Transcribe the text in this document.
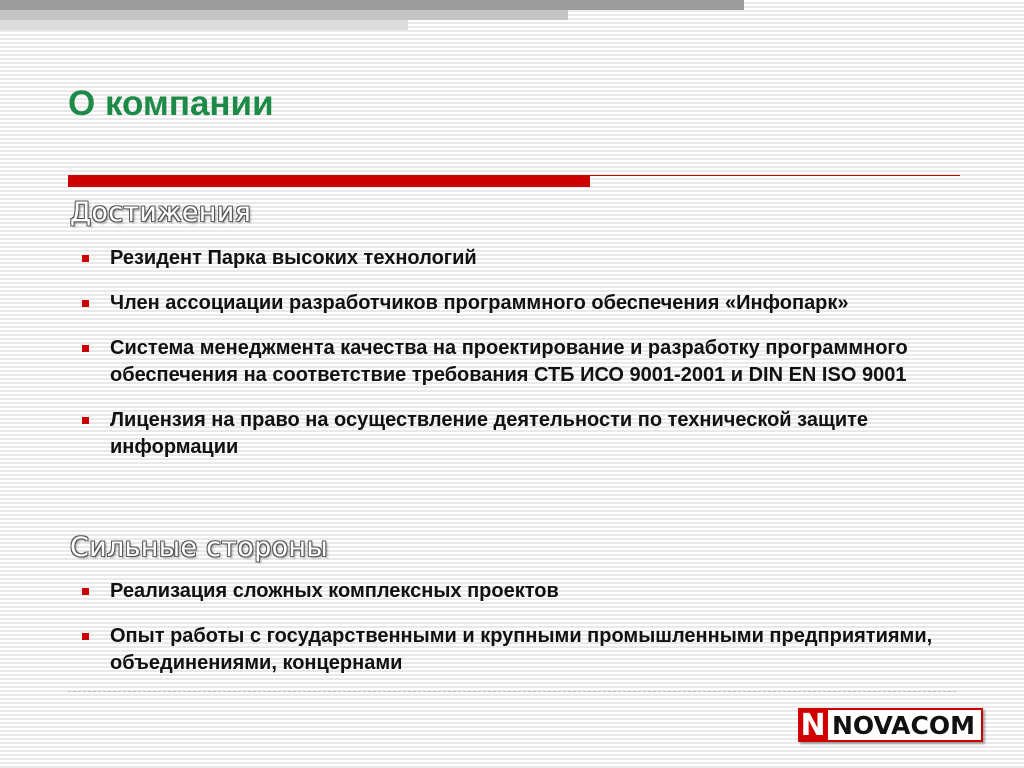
О компании
Достижения
Резидент Парка высоких технологий
Член ассоциации разработчиков программного обеспечения «Инфопарк»
Система менеджмента качества на проектирование и разработку программного обеспечения на соответствие требования СТБ ИСО 9001-2001 и DIN EN ISO 9001
Лицензия на право на осуществление деятельности по технической защите информации
Сильные стороны
Реализация сложных комплексных проектов
Опыт работы с государственными и крупными промышленными предприятиями, объединениями, концернами
N NOVACOM
